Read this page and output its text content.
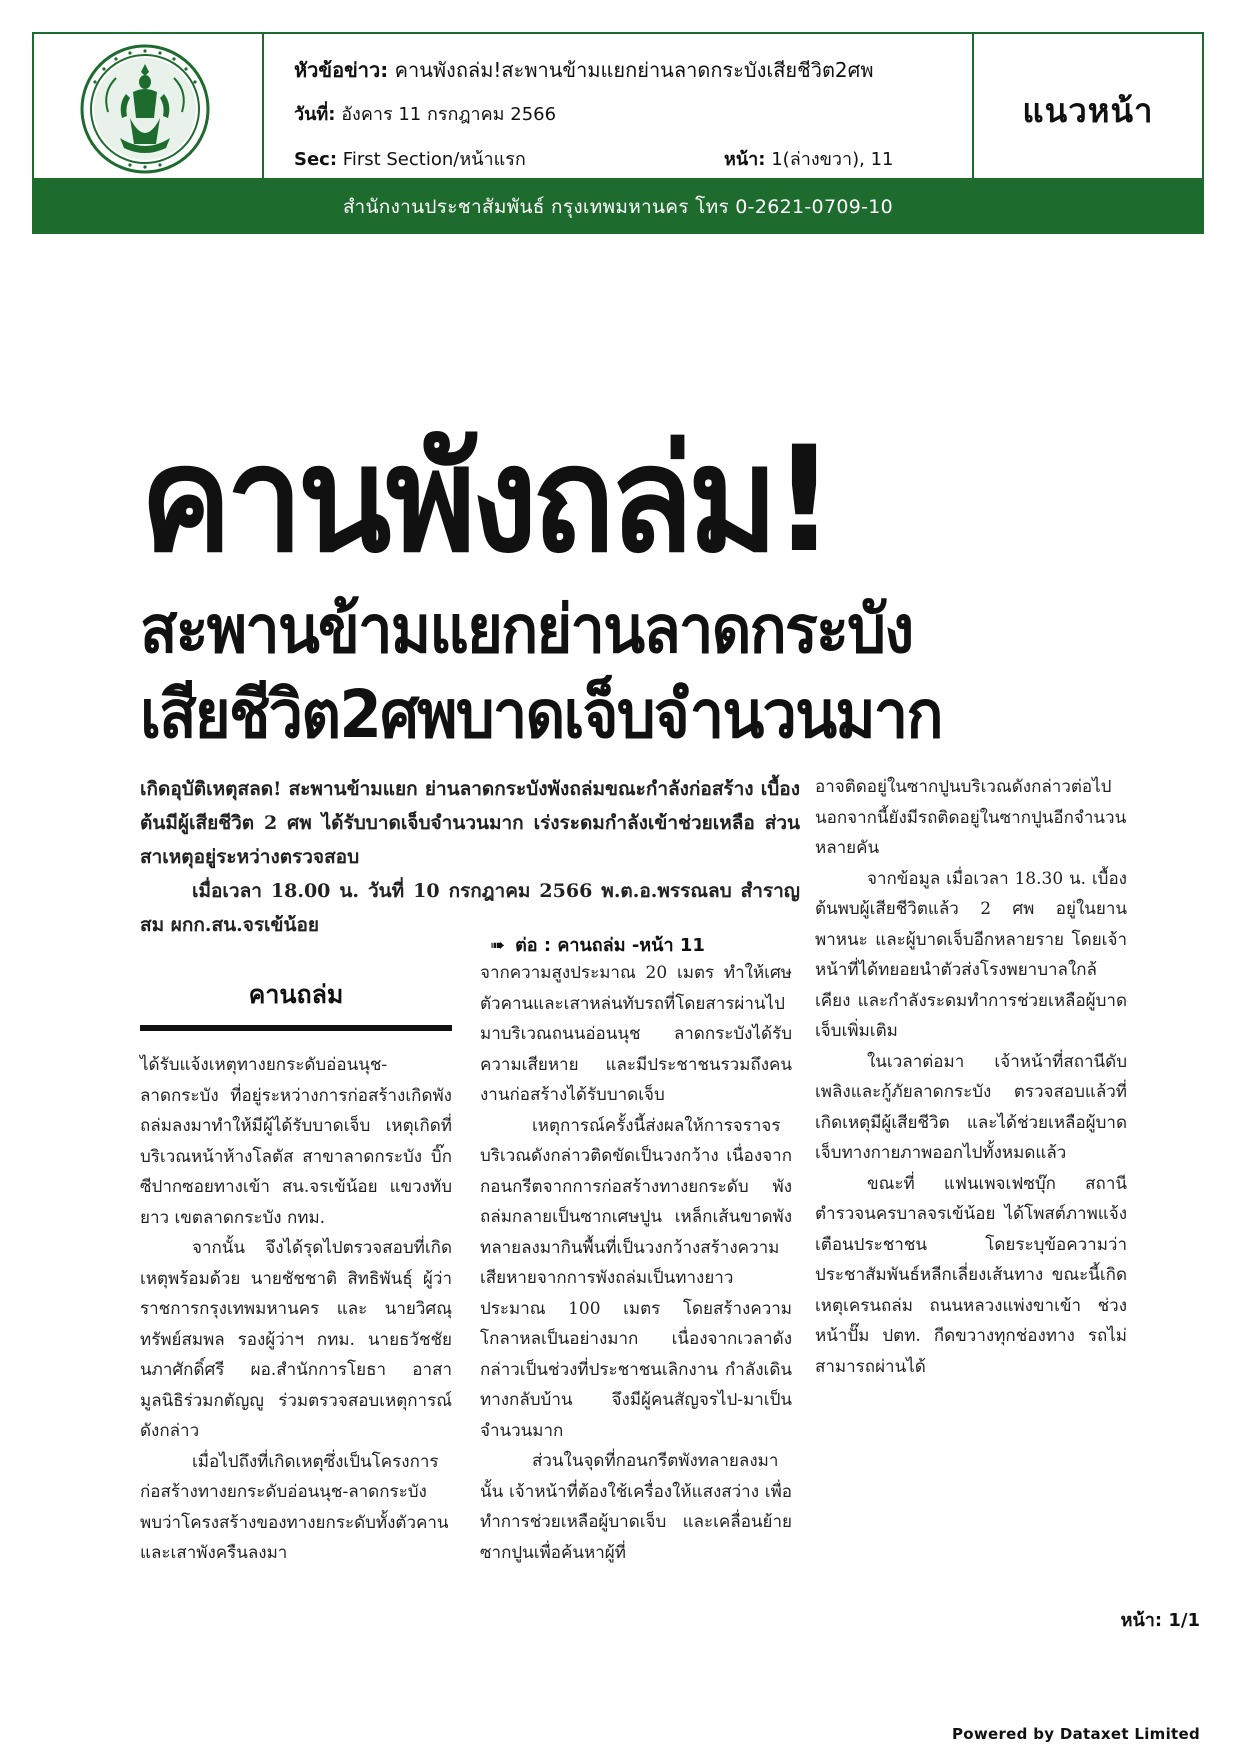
หัวข้อข่าว: คานพังถล่ม!สะพานข้ามแยกย่านลาดกระบังเสียชีวิต2ศพ
วันที่: อังคาร 11 กรกฎาคม 2566
Sec: First Section/หน้าแรก	หน้า: 1(ล่างขวา), 11
แนวหน้า
สำนักงานประชาสัมพันธ์ กรุงเทพมหานคร โทร 0-2621-0709-10
คานพังถล่ม!
สะพานข้ามแยกย่านลาดกระบัง
เสียชีวิต2ศพบาดเจ็บจำนวนมาก

เกิดอุบัติเหตุสลด! สะพานข้ามแยก ย่านลาดกระบังพังถล่มขณะกำลังก่อสร้าง เบื้องต้นมีผู้เสียชีวิต 2 ศพ ได้รับบาดเจ็บจำนวนมาก เร่งระดมกำลังเข้าช่วยเหลือ ส่วนสาเหตุอยู่ระหว่างตรวจสอบ

เมื่อเวลา 18.00 น. วันที่ 10 กรกฎาคม 2566 พ.ต.อ.พรรณลบ สำราญสม ผกก.สน.จรเข้น้อย

➠ ต่อ : คานถล่ม -หน้า 11
คานถล่ม

ได้รับแจ้งเหตุทางยกระดับอ่อนนุช-ลาดกระบัง ที่อยู่ระหว่างการก่อสร้างเกิดพังถล่มลงมาทำให้มีผู้ได้รับบาดเจ็บ เหตุเกิดที่บริเวณหน้าห้างโลตัส สาขาลาดกระบัง บิ๊กซีปากซอยทางเข้า สน.จรเข้น้อย แขวงทับยาว เขตลาดกระบัง กทม.

จากนั้น จึงได้รุดไปตรวจสอบที่เกิดเหตุพร้อมด้วย นายชัชชาติ สิทธิพันธุ์ ผู้ว่าราชการกรุงเทพมหานคร และ นายวิศณุ ทรัพย์สมพล รองผู้ว่าฯ กทม. นายธวัชชัย นภาศักดิ์ศรี ผอ.สำนักการโยธา อาสามูลนิธิร่วมกตัญญู ร่วมตรวจสอบเหตุการณ์ดังกล่าว

เมื่อไปถึงที่เกิดเหตุซึ่งเป็นโครงการก่อสร้างทางยกระดับอ่อนนุช-ลาดกระบัง พบว่าโครงสร้างของทางยกระดับทั้งตัวคานและเสาพังครืนลงมา

จากความสูงประมาณ 20 เมตร ทำให้เศษตัวคานและเสาหล่นทับรถที่โดยสารผ่านไปมาบริเวณถนนอ่อนนุช ลาดกระบังได้รับความเสียหาย และมีประชาชนรวมถึงคนงานก่อสร้างได้รับบาดเจ็บ

เหตุการณ์ครั้งนี้ส่งผลให้การจราจรบริเวณดังกล่าวติดขัดเป็นวงกว้าง เนื่องจากกอนกรีตจากการก่อสร้างทางยกระดับ พังถล่มกลายเป็นซากเศษปูน เหล็กเส้นขาดพังทลายลงมากินพื้นที่เป็นวงกว้างสร้างความเสียหายจากการพังถล่มเป็นทางยาวประมาณ 100 เมตร โดยสร้างความโกลาหลเป็นอย่างมาก เนื่องจากเวลาดังกล่าวเป็นช่วงที่ประชาชนเลิกงาน กำลังเดินทางกลับบ้าน จึงมีผู้คนสัญจรไป-มาเป็นจำนวนมาก

ส่วนในจุดที่กอนกรีตพังทลายลงมานั้น เจ้าหน้าที่ต้องใช้เครื่องให้แสงสว่าง เพื่อทำการช่วยเหลือผู้บาดเจ็บ และเคลื่อนย้ายซากปูนเพื่อค้นหาผู้ที่

อาจติดอยู่ในซากปูนบริเวณดังกล่าวต่อไป นอกจากนี้ยังมีรถติดอยู่ในซากปูนอีกจำนวนหลายคัน

จากข้อมูล เมื่อเวลา 18.30 น. เบื้องต้นพบผู้เสียชีวิตแล้ว 2 ศพ อยู่ในยานพาหนะ และผู้บาดเจ็บอีกหลายราย โดยเจ้าหน้าที่ได้ทยอยนำตัวส่งโรงพยาบาลใกล้เคียง และกำลังระดมทำการช่วยเหลือผู้บาดเจ็บเพิ่มเติม

ในเวลาต่อมา เจ้าหน้าที่สถานีดับเพลิงและกู้ภัยลาดกระบัง ตรวจสอบแล้วที่เกิดเหตุมีผู้เสียชีวิต และได้ช่วยเหลือผู้บาดเจ็บทางกายภาพออกไปทั้งหมดแล้ว

ขณะที่ แฟนเพจเฟซบุ๊ก สถานีตำรวจนครบาลจรเข้น้อย ได้โพสต์ภาพแจ้งเตือนประชาชน โดยระบุข้อความว่า ประชาสัมพันธ์หลีกเลี่ยงเส้นทาง ขณะนี้เกิดเหตุเครนถล่ม ถนนหลวงแพ่งขาเข้า ช่วงหน้าปั๊ม ปตท. กีดขวางทุกช่องทาง รถไม่สามารถผ่านได้

หน้า: 1/1
Powered by Dataxet Limited
